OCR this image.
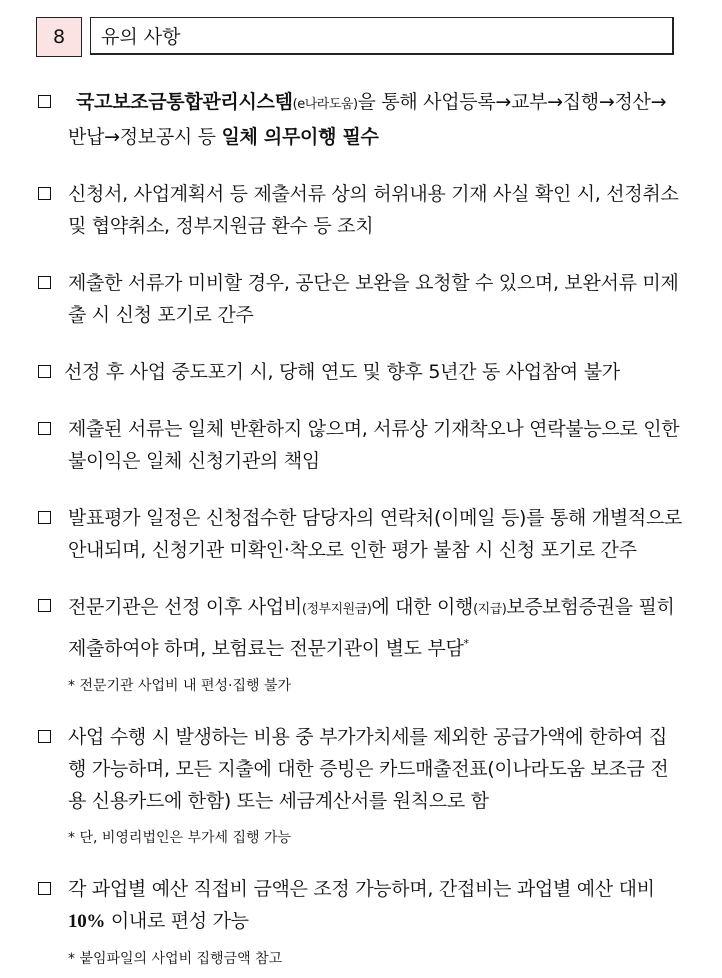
8	유의 사항
국고보조금통합관리시스템(e나라도움)을 통해 사업등록→교부→집행→정산→반납→정보공시 등 일체 의무이행 필수
신청서, 사업계획서 등 제출서류 상의 허위내용 기재 사실 확인 시, 선정취소 및 협약취소, 정부지원금 환수 등 조치
제출한 서류가 미비할 경우, 공단은 보완을 요청할 수 있으며, 보완서류 미제출 시 신청 포기로 간주
선정 후 사업 중도포기 시, 당해 연도 및 향후 5년간 동 사업참여 불가
제출된 서류는 일체 반환하지 않으며, 서류상 기재착오나 연락불능으로 인한 불이익은 일체 신청기관의 책임
발표평가 일정은 신청접수한 담당자의 연락처(이메일 등)를 통해 개별적으로 안내되며, 신청기관 미확인·착오로 인한 평가 불참 시 신청 포기로 간주
전문기관은 선정 이후 사업비(정부지원금)에 대한 이행(지급)보증보험증권을 필히 제출하여야 하며, 보험료는 전문기관이 별도 부담*
* 전문기관 사업비 내 편성·집행 불가
사업 수행 시 발생하는 비용 중 부가가치세를 제외한 공급가액에 한하여 집행 가능하며, 모든 지출에 대한 증빙은 카드매출전표(이나라도움 보조금 전용 신용카드에 한함) 또는 세금계산서를 원칙으로 함
* 단, 비영리법인은 부가세 집행 가능
각 과업별 예산 직접비 금액은 조정 가능하며, 간접비는 과업별 예산 대비 10% 이내로 편성 가능
* 붙임파일의 사업비 집행금액 참고
